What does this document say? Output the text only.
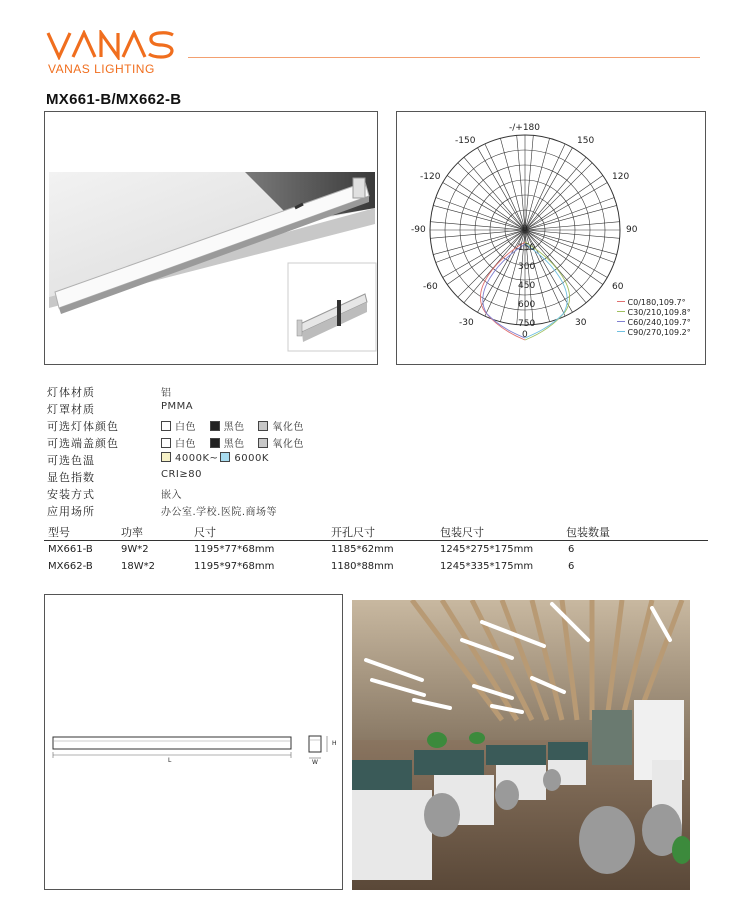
VANAS LIGHTING
MX661-B/MX662-B
-/+180
-150	150
-120	120
-90	90
-60	60
-30	30
0
0
150
300
450
600
750
C0/180,109.7°
C30/210,109.8°
C60/240,109.7°
C90/270,109.2°
灯体材质	铝
灯罩材质	PMMA
可选灯体颜色	白色	黑色	氧化色
可选端盖颜色	白色	黑色	氧化色
可选色温	4000K~ 6000K
显色指数	CRI≥80
安装方式	嵌入
应用场所	办公室.学校.医院.商场等
型号	功率	尺寸	开孔尺寸	包装尺寸	包装数量
MX661-B	9W*2	1195*77*68mm	1185*62mm	1245*275*175mm	6
MX662-B	18W*2	1195*97*68mm	1180*88mm	1245*335*175mm	6
L	W
H
